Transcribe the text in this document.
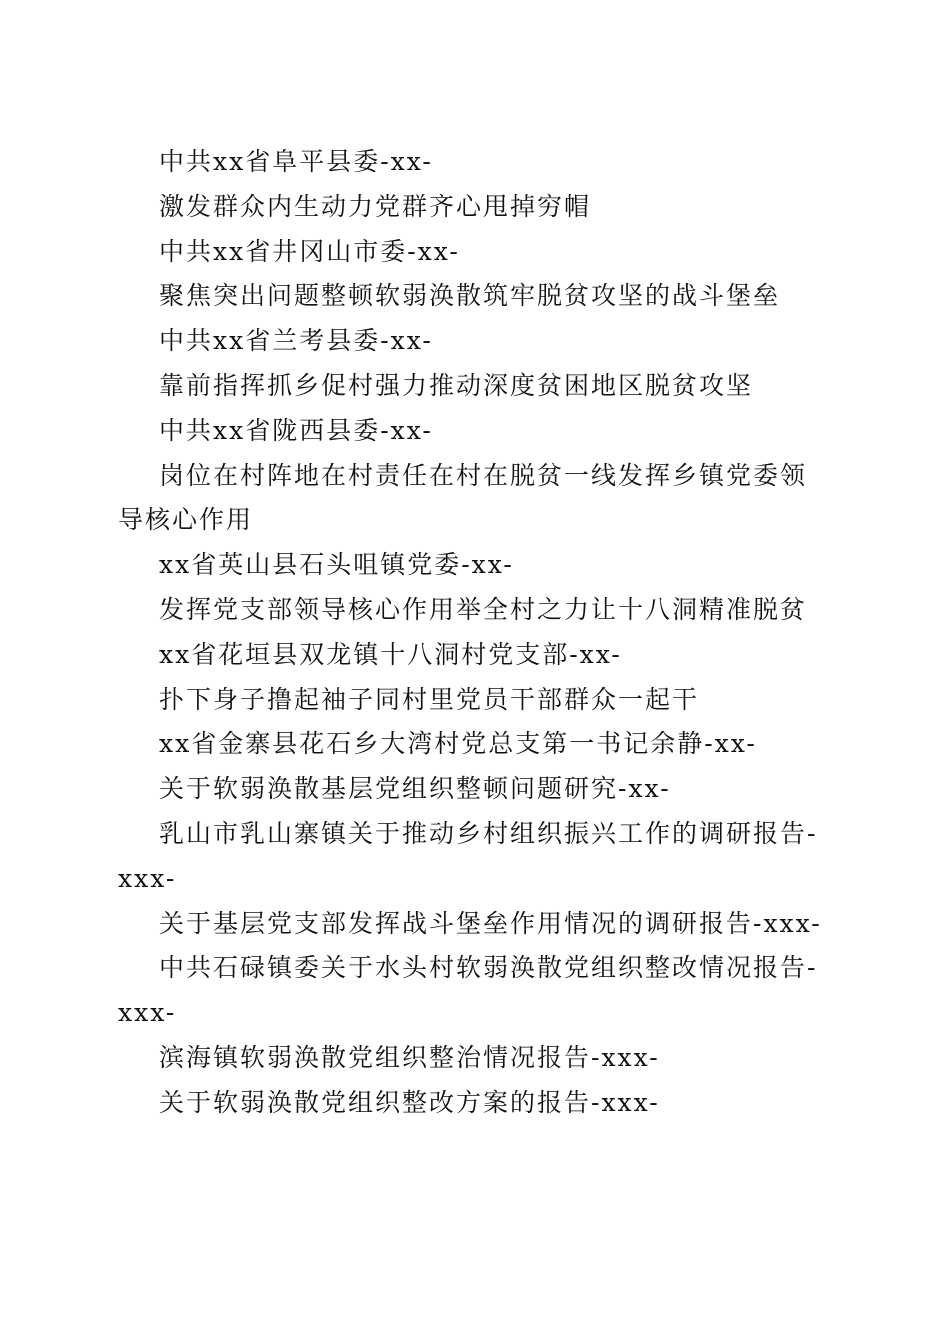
中共xx省阜平县委-xx-

激发群众内生动力党群齐心甩掉穷帽

中共xx省井冈山市委-xx-

聚焦突出问题整顿软弱涣散筑牢脱贫攻坚的战斗堡垒

中共xx省兰考县委-xx-

靠前指挥抓乡促村强力推动深度贫困地区脱贫攻坚

中共xx省陇西县委-xx-

岗位在村阵地在村责任在村在脱贫一线发挥乡镇党委领导核心作用

xx省英山县石头咀镇党委-xx-

发挥党支部领导核心作用举全村之力让十八洞精准脱贫

xx省花垣县双龙镇十八洞村党支部-xx-

扑下身子撸起袖子同村里党员干部群众一起干

xx省金寨县花石乡大湾村党总支第一书记余静-xx-

关于软弱涣散基层党组织整顿问题研究-xx-

乳山市乳山寨镇关于推动乡村组织振兴工作的调研报告-xxx-

关于基层党支部发挥战斗堡垒作用情况的调研报告-xxx-

中共石碌镇委关于水头村软弱涣散党组织整改情况报告-xxx-

滨海镇软弱涣散党组织整治情况报告-xxx-

关于软弱涣散党组织整改方案的报告-xxx-
